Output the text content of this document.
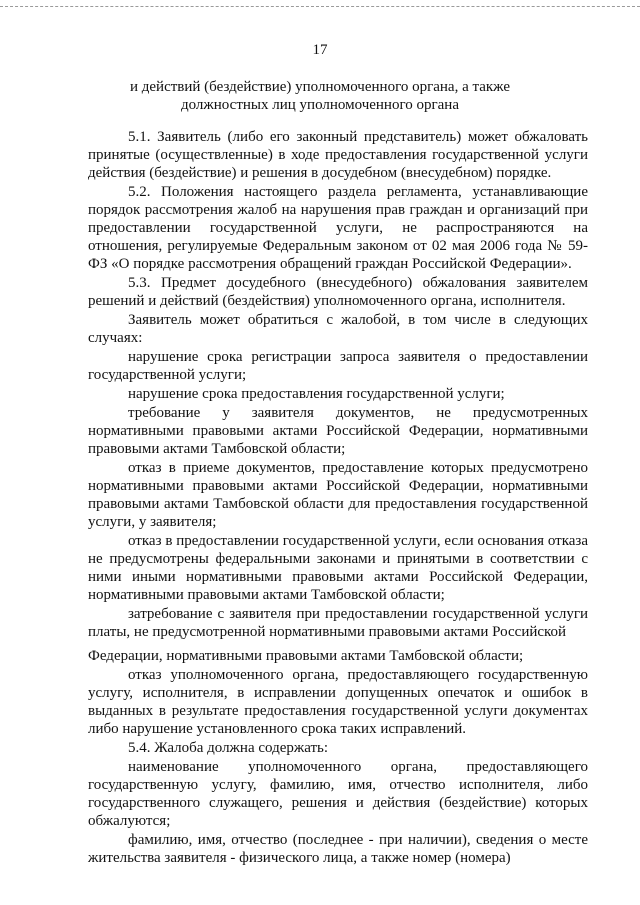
17
и действий (бездействие) уполномоченного органа, а также
должностных лиц уполномоченного органа

5.1. Заявитель (либо его законный представитель) может обжаловать принятые (осуществленные) в ходе предоставления государственной услуги действия (бездействие) и решения в досудебном (внесудебном) порядке.

5.2. Положения настоящего раздела регламента, устанавливающие порядок рассмотрения жалоб на нарушения прав граждан и организаций при предоставлении государственной услуги, не распространяются на отношения, регулируемые Федеральным законом от 02 мая 2006 года № 59-ФЗ «О порядке рассмотрения обращений граждан Российской Федерации».

5.3. Предмет досудебного (внесудебного) обжалования заявителем решений и действий (бездействия) уполномоченного органа, исполнителя.

Заявитель может обратиться с жалобой, в том числе в следующих случаях:

нарушение срока регистрации запроса заявителя о предоставлении государственной услуги;

нарушение срока предоставления государственной услуги;

требование у заявителя документов, не предусмотренных нормативными правовыми актами Российской Федерации, нормативными правовыми актами Тамбовской области;

отказ в приеме документов, предоставление которых предусмотрено нормативными правовыми актами Российской Федерации, нормативными правовыми актами Тамбовской области для предоставления государственной услуги, у заявителя;

отказ в предоставлении государственной услуги, если основания отказа не предусмотрены федеральными законами и принятыми в соответствии с ними иными нормативными правовыми актами Российской Федерации, нормативными правовыми актами Тамбовской области;

затребование с заявителя при предоставлении государственной услуги платы, не предусмотренной нормативными правовыми актами Российской

Федерации, нормативными правовыми актами Тамбовской области;

отказ уполномоченного органа, предоставляющего государственную услугу, исполнителя, в исправлении допущенных опечаток и ошибок в выданных в результате предоставления государственной услуги документах либо нарушение установленного срока таких исправлений.

5.4. Жалоба должна содержать:

наименование уполномоченного органа, предоставляющего государственную услугу, фамилию, имя, отчество исполнителя, либо государственного служащего, решения и действия (бездействие) которых обжалуются;

фамилию, имя, отчество (последнее - при наличии), сведения о месте жительства заявителя - физического лица, а также номер (номера)
